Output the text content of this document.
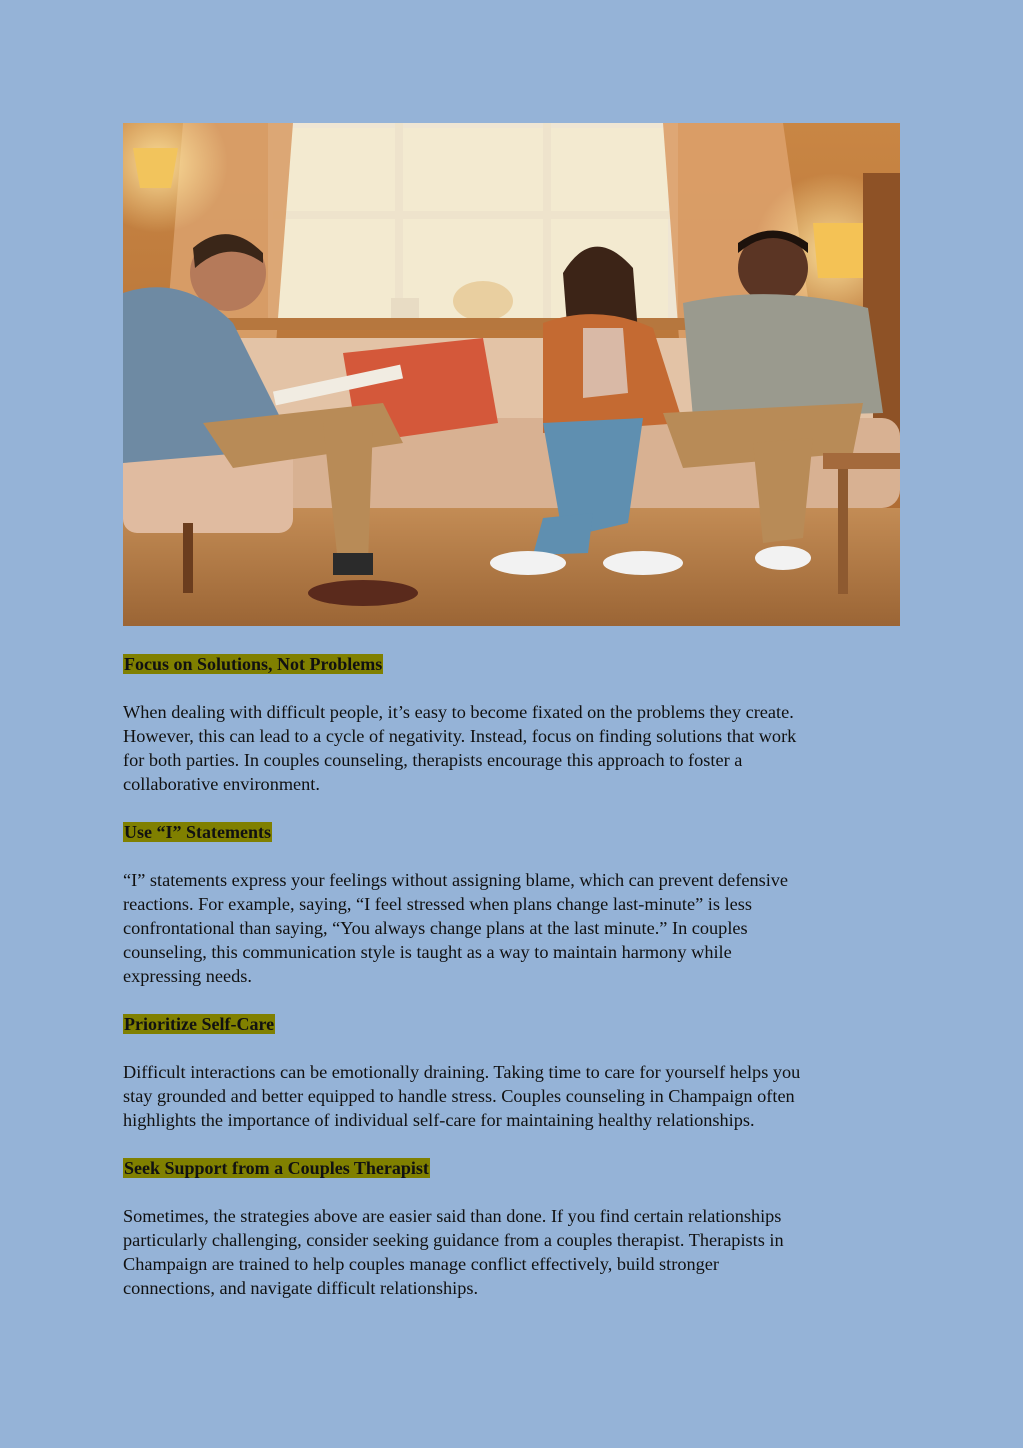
Focus on Solutions, Not Problems

When dealing with difficult people, it’s easy to become fixated on the problems they create.
However, this can lead to a cycle of negativity. Instead, focus on finding solutions that work
for both parties. In couples counseling, therapists encourage this approach to foster a
collaborative environment.

Use “I” Statements

“I” statements express your feelings without assigning blame, which can prevent defensive
reactions. For example, saying, “I feel stressed when plans change last-minute” is less
confrontational than saying, “You always change plans at the last minute.” In couples
counseling, this communication style is taught as a way to maintain harmony while
expressing needs.

Prioritize Self-Care

Difficult interactions can be emotionally draining. Taking time to care for yourself helps you
stay grounded and better equipped to handle stress. Couples counseling in Champaign often
highlights the importance of individual self-care for maintaining healthy relationships.

Seek Support from a Couples Therapist

Sometimes, the strategies above are easier said than done. If you find certain relationships
particularly challenging, consider seeking guidance from a couples therapist. Therapists in
Champaign are trained to help couples manage conflict effectively, build stronger
connections, and navigate difficult relationships.
